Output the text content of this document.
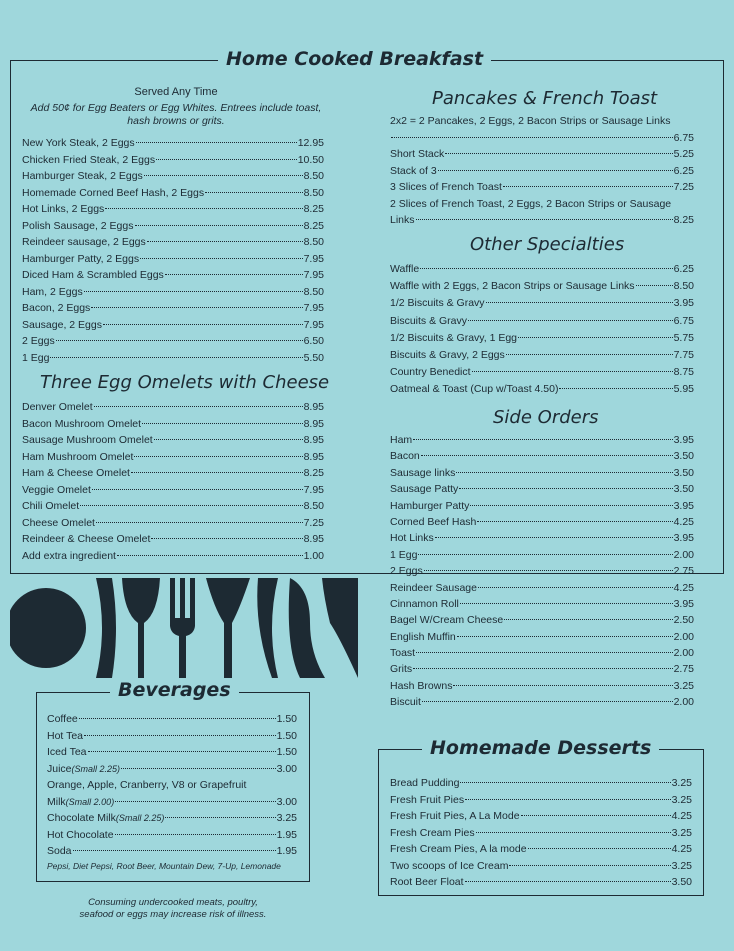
Home Cooked Breakfast
Served Any Time
Add 50¢ for Egg Beaters or Egg Whites. Entrees include toast,
hash browns or grits.
New York Steak, 2 Eggs	12.95
Chicken Fried Steak, 2 Eggs	10.50
Hamburger Steak, 2 Eggs	8.50
Homemade Corned Beef Hash, 2 Eggs	8.50
Hot Links, 2 Eggs	8.25
Polish Sausage, 2 Eggs	8.25
Reindeer sausage, 2 Eggs	8.50
Hamburger Patty, 2 Eggs	7.95
Diced Ham & Scrambled Eggs	7.95
Ham, 2 Eggs	8.50
Bacon, 2 Eggs	7.95
Sausage, 2 Eggs	7.95
2 Eggs	6.50
1 Egg	5.50
Three Egg Omelets with Cheese
Denver Omelet	8.95
Bacon Mushroom Omelet	8.95
Sausage Mushroom Omelet	8.95
Ham Mushroom Omelet	8.95
Ham & Cheese Omelet	8.25
Veggie Omelet	7.95
Chili Omelet	8.50
Cheese Omelet	7.25
Reindeer & Cheese Omelet	8.95
Add extra ingredient	1.00
Pancakes & French Toast
2x2 = 2 Pancakes, 2 Eggs, 2 Bacon Strips or Sausage Links
6.75
Short Stack	5.25
Stack of 3	6.25
3 Slices of French Toast	7.25
2 Slices of French Toast, 2 Eggs, 2 Bacon Strips or Sausage
Links	8.25
Other Specialties
Waffle	6.25
Waffle with 2 Eggs, 2 Bacon Strips or Sausage Links	8.50
1/2 Biscuits & Gravy	3.95
Biscuits & Gravy	6.75
1/2 Biscuits & Gravy, 1 Egg	5.75
Biscuits & Gravy, 2 Eggs	7.75
Country Benedict	8.75
Oatmeal & Toast (Cup w/Toast 4.50)	5.95
Side Orders
Ham	3.95
Bacon	3.50
Sausage links	3.50
Sausage Patty	3.50
Hamburger Patty	3.95
Corned Beef Hash	4.25
Hot Links	3.95
1 Egg	2.00
2 Eggs	2.75
Reindeer Sausage	4.25
Cinnamon Roll	3.95
Bagel W/Cream Cheese	2.50
English Muffin	2.00
Toast	2.00
Grits	2.75
Hash Browns	3.25
Biscuit	2.00
Beverages
Coffee	1.50
Hot Tea	1.50
Iced Tea	1.50
Juice (Small 2.25)	3.00
Orange, Apple, Cranberry, V8 or Grapefruit
Milk (Small 2.00)	3.00
Chocolate Milk (Small 2.25)	3.25
Hot Chocolate	1.95
Soda	1.95
Pepsi, Diet Pepsi, Root Beer, Mountain Dew, 7-Up, Lemonade
Consuming undercooked meats, poultry,
seafood or eggs may increase risk of illness.
Homemade Desserts
Bread Pudding	3.25
Fresh Fruit Pies	3.25
Fresh Fruit Pies, A La Mode	4.25
Fresh Cream Pies	3.25
Fresh Cream Pies, A la mode	4.25
Two scoops of Ice Cream	3.25
Root Beer Float	3.50
